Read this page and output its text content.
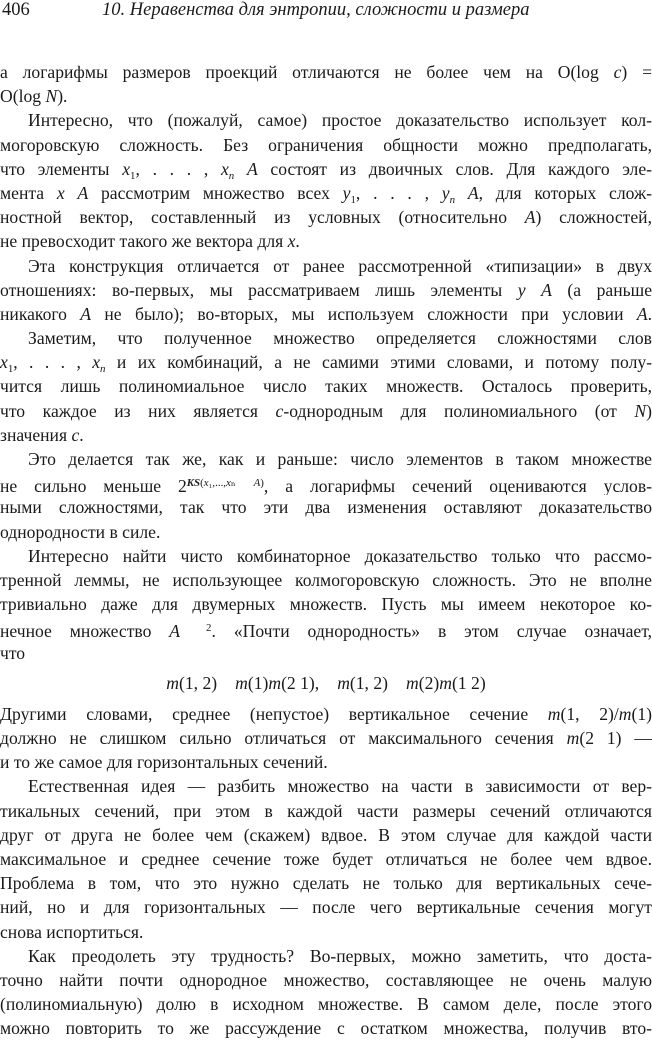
406	10. Неравенства для энтропии, сложности и размера
а логарифмы размеров проекций отличаются не более чем на O(log c) =
O(log N).
Интересно, что (пожалуй, самое) простое доказательство использует кол-
могоровскую сложность. Без ограничения общности можно предполагать,
что элементы $x_1$, . . . , $x_n$ A состоят из двоичных слов. Для каждого эле-
мента x A рассмотрим множество всех $y_1$, . . . , $y_n$ A, для которых слож-
ностной вектор, составленный из условных (относительно A) сложностей,
не превосходит такого же вектора для x.
Эта конструкция отличается от ранее рассмотренной «типизации» в двух
отношениях: во-первых, мы рассматриваем лишь элементы y A (а раньше
никакого A не было); во-вторых, мы используем сложности при условии A.
Заметим, что полученное множество определяется сложностями слов
$x_1$, . . . , $x_n$ и их комбинаций, а не самими этими словами, и потому полу-
чится лишь полиномиальное число таких множеств. Осталось проверить,
что каждое из них является c-однородным для полиномиального (от N)
значения c.
Это делается так же, как и раньше: число элементов в таком множестве
не сильно меньше $2^{KS(x_1,...,x_n A)}$, а логарифмы сечений оцениваются услов-
ными сложностями, так что эти два изменения оставляют доказательство
однородности в силе.
Интересно найти чисто комбинаторное доказательство только что рассмо-
тренной леммы, не использующее колмогоровскую сложность. Это не вполне
тривиально даже для двумерных множеств. Пусть мы имеем некоторое ко-
нечное множество A $^2$. «Почти однородность» в этом случае означает,
что
m(1, 2) m(1)m(2 1), m(1, 2) m(2)m(1 2)
Другими словами, среднее (непустое) вертикальное сечение m(1, 2)/m(1)
должно не слишком сильно отличаться от максимального сечения m(2 1) —
и то же самое для горизонтальных сечений.
Естественная идея — разбить множество на части в зависимости от вер-
тикальных сечений, при этом в каждой части размеры сечений отличаются
друг от друга не более чем (скажем) вдвое. В этом случае для каждой части
максимальное и среднее сечение тоже будет отличаться не более чем вдвое.
Проблема в том, что это нужно сделать не только для вертикальных сече-
ний, но и для горизонтальных — после чего вертикальные сечения могут
снова испортиться.
Как преодолеть эту трудность? Во-первых, можно заметить, что доста-
точно найти почти однородное множество, составляющее не очень малую
(полиномиальную) долю в исходном множестве. В самом деле, после этого
можно повторить то же рассуждение с остатком множества, получив вто-
